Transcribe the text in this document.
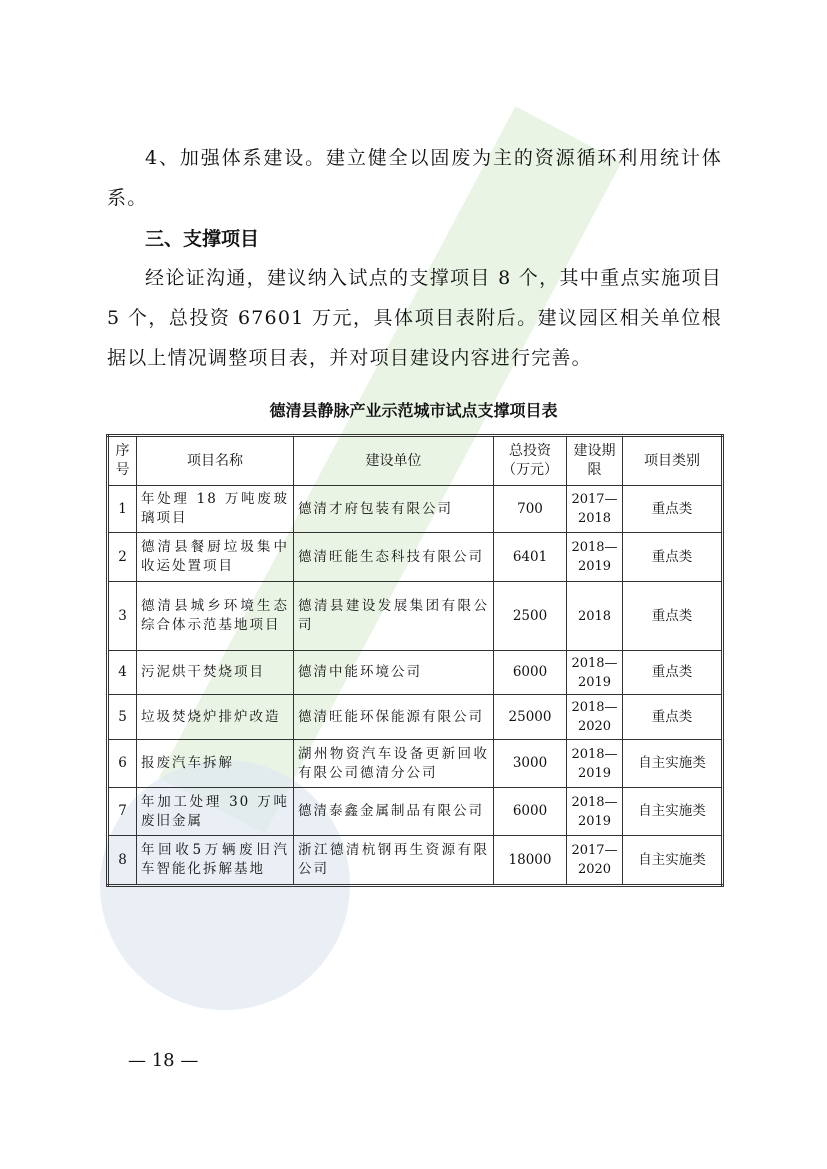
4、加强体系建设。建立健全以固废为主的资源循环利用统计体系。
三、支撑项目
经论证沟通，建议纳入试点的支撑项目 8 个，其中重点实施项目 5 个，总投资 67601 万元，具体项目表附后。建议园区相关单位根据以上情况调整项目表，并对项目建设内容进行完善。
德清县静脉产业示范城市试点支撑项目表
序号	项目名称	建设单位	总投资（万元）	建设期限	项目类别
1	年处理 18 万吨废玻璃项目	德清才府包装有限公司	700	2017—2018	重点类
2	德清县餐厨垃圾集中收运处置项目	德清旺能生态科技有限公司	6401	2018—2019	重点类
3	德清县城乡环境生态综合体示范基地项目	德清县建设发展集团有限公司	2500	2018	重点类
4	污泥烘干焚烧项目	德清中能环境公司	6000	2018—2019	重点类
5	垃圾焚烧炉排炉改造	德清旺能环保能源有限公司	25000	2018—2020	重点类
6	报废汽车拆解	湖州物资汽车设备更新回收有限公司德清分公司	3000	2018—2019	自主实施类
7	年加工处理 30 万吨废旧金属	德清泰鑫金属制品有限公司	6000	2018—2019	自主实施类
8	年回收5万辆废旧汽车智能化拆解基地	浙江德清杭钢再生资源有限公司	18000	2017—2020	自主实施类
— 18 —
